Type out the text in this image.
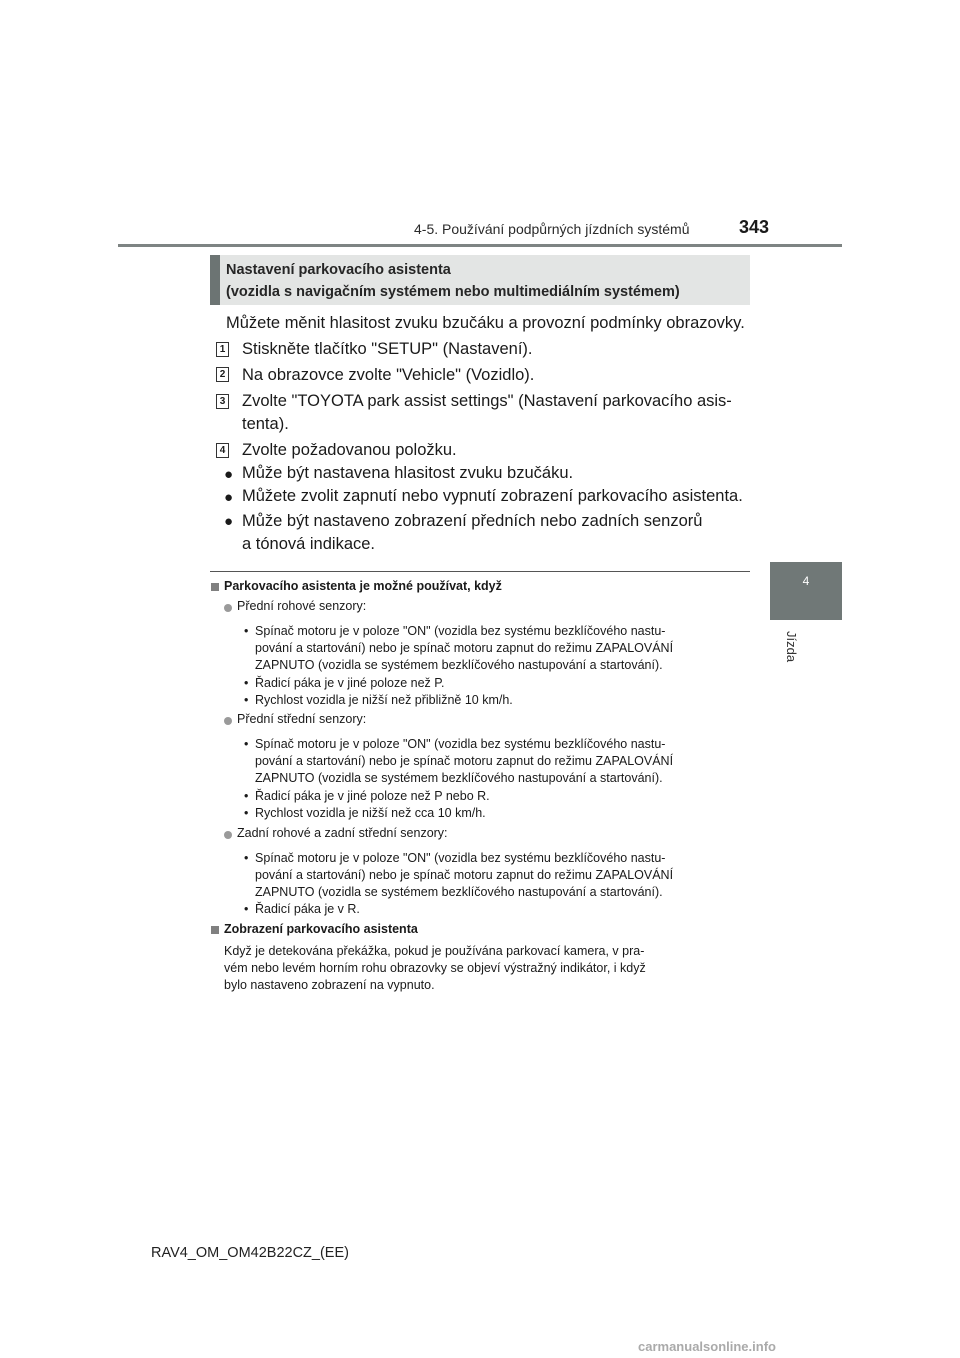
4-5. Používání podpůrných jízdních systémů	343
4
Jízda
Nastavení parkovacího asistenta
(vozidla s navigačním systémem nebo multimediálním systémem)
Můžete měnit hlasitost zvuku bzučáku a provozní podmínky obrazovky.
1 Stiskněte tlačítko "SETUP" (Nastavení).
2 Na obrazovce zvolte "Vehicle" (Vozidlo).
3 Zvolte "TOYOTA park assist settings" (Nastavení parkovacího asis-
tenta).
4 Zvolte požadovanou položku.
● Může být nastavena hlasitost zvuku bzučáku.
● Můžete zvolit zapnutí nebo vypnutí zobrazení parkovacího asistenta.
● Může být nastaveno zobrazení předních nebo zadních senzorů
a tónová indikace.
Parkovacího asistenta je možné používat, když
Přední rohové senzory:
• Spínač motoru je v poloze "ON" (vozidla bez systému bezklíčového nastu-
pování a startování) nebo je spínač motoru zapnut do režimu ZAPALOVÁNÍ
ZAPNUTO (vozidla se systémem bezklíčového nastupování a startování).
• Řadicí páka je v jiné poloze než P.
• Rychlost vozidla je nižší než přibližně 10 km/h.
Přední střední senzory:
• Spínač motoru je v poloze "ON" (vozidla bez systému bezklíčového nastu-
pování a startování) nebo je spínač motoru zapnut do režimu ZAPALOVÁNÍ
ZAPNUTO (vozidla se systémem bezklíčového nastupování a startování).
• Řadicí páka je v jiné poloze než P nebo R.
• Rychlost vozidla je nižší než cca 10 km/h.
Zadní rohové a zadní střední senzory:
• Spínač motoru je v poloze "ON" (vozidla bez systému bezklíčového nastu-
pování a startování) nebo je spínač motoru zapnut do režimu ZAPALOVÁNÍ
ZAPNUTO (vozidla se systémem bezklíčového nastupování a startování).
• Řadicí páka je v R.
Zobrazení parkovacího asistenta
Když je detekována překážka, pokud je používána parkovací kamera, v pra-
vém nebo levém horním rohu obrazovky se objeví výstražný indikátor, i když
bylo nastaveno zobrazení na vypnuto.
RAV4_OM_OM42B22CZ_(EE)
carmanualsonline.info
